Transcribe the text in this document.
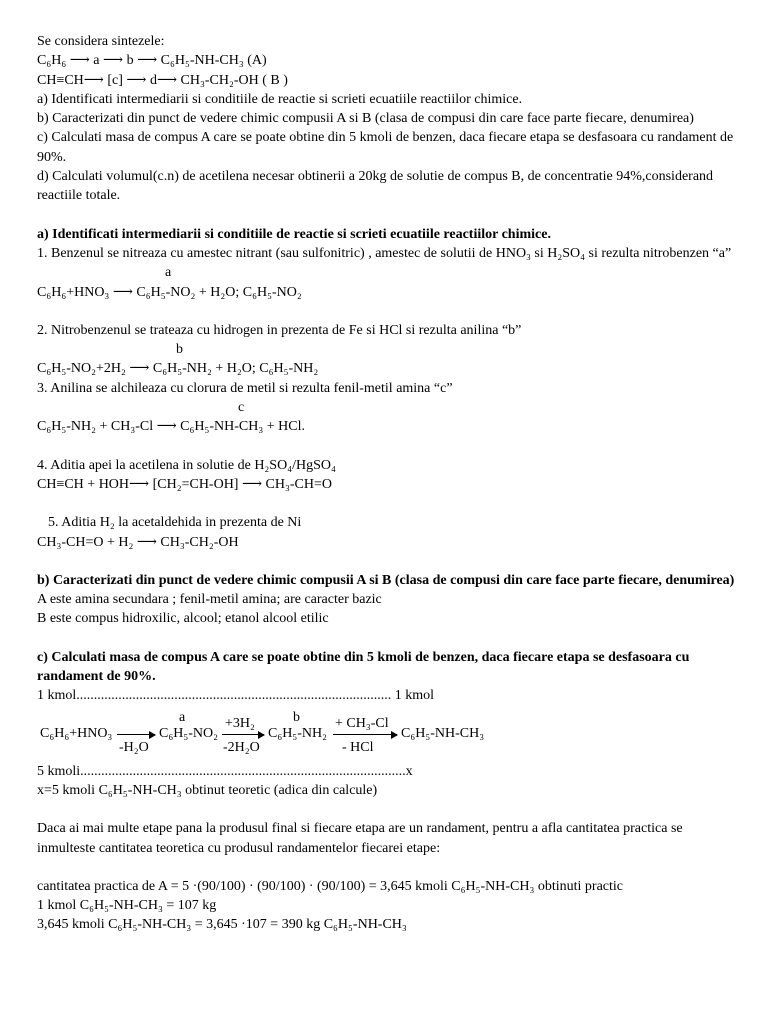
Se considera sintezele:
C₆H₆ ⟶ a ⟶ b ⟶ C₆H₅-NH-CH₃ (A)
CH≡CH⟶ [c] ⟶ d⟶ CH₃-CH₂-OH ( B )
a) Identificati intermediarii si conditiile de reactie si scrieti ecuatiile reactiilor chimice.
b) Caracterizati din punct de vedere chimic compusii A si B (clasa de compusi din care face parte fiecare, denumirea)
c) Calculati masa de compus A care se poate obtine din 5 kmoli de benzen, daca fiecare etapa se desfasoara cu randament de 90%.
d) Calculati volumul(c.n) de acetilena necesar obtinerii a 20kg de solutie de compus B, de concentratie 94%,considerand reactiile totale.
a) Identificati intermediarii si conditiile de reactie si scrieti ecuatiile reactiilor chimice.
1. Benzenul se nitreaza cu amestec nitrant (sau sulfonitric) , amestec de solutii de HNO₃ si H₂SO₄ si rezulta nitrobenzen “a”
a
C₆H₆+HNO₃ ⟶ C₆H₅-NO₂ + H₂O; C₆H₅-NO₂
2. Nitrobenzenul se trateaza cu hidrogen in prezenta de Fe si HCl si rezulta anilina “b”
b
C₆H₅-NO₂+2H₂ ⟶ C₆H₅-NH₂ + H₂O; C₆H₅-NH₂
3. Anilina se alchileaza cu clorura de metil si rezulta fenil-metil amina “c”
c
C₆H₅-NH₂ + CH₃-Cl ⟶ C₆H₅-NH-CH₃ + HCl.
4. Aditia apei la acetilena in solutie de H₂SO₄/HgSO₄
CH≡CH + HOH⟶ [CH₂=CH-OH] ⟶ CH₃-CH=O
5. Aditia H₂ la acetaldehida in prezenta de Ni
CH₃-CH=O + H₂ ⟶ CH₃-CH₂-OH
b) Caracterizati din punct de vedere chimic compusii A si B (clasa de compusi din care face parte fiecare, denumirea)
A este amina secundara ; fenil-metil amina; are caracter bazic
B este compus hidroxilic, alcool; etanol alcool etilic
c) Calculati masa de compus A care se poate obtine din 5 kmoli de benzen, daca fiecare etapa se desfasoara cu randament de 90%.
1 kmol.......................................................................................... 1 kmol
C₆H₆+HNO₃
-H₂O
a
C₆H₅-NO₂
+3H₂
-2H₂O
b
C₆H₅-NH₂
+ CH₃-Cl
- HCl
C₆H₅-NH-CH₃
5 kmoli.............................................................................................x
x=5 kmoli C₆H₅-NH-CH₃ obtinut teoretic (adica din calcule)
Daca ai mai multe etape pana la produsul final si fiecare etapa are un randament, pentru a afla cantitatea practica se inmulteste cantitatea teoretica cu produsul randamentelor fiecarei etape:
cantitatea practica de A = 5 ·(90/100) · (90/100) · (90/100) = 3,645 kmoli C₆H₅-NH-CH₃ obtinuti practic
1 kmol C₆H₅-NH-CH₃ = 107 kg
3,645 kmoli C₆H₅-NH-CH₃ = 3,645 ·107 = 390 kg C₆H₅-NH-CH₃
